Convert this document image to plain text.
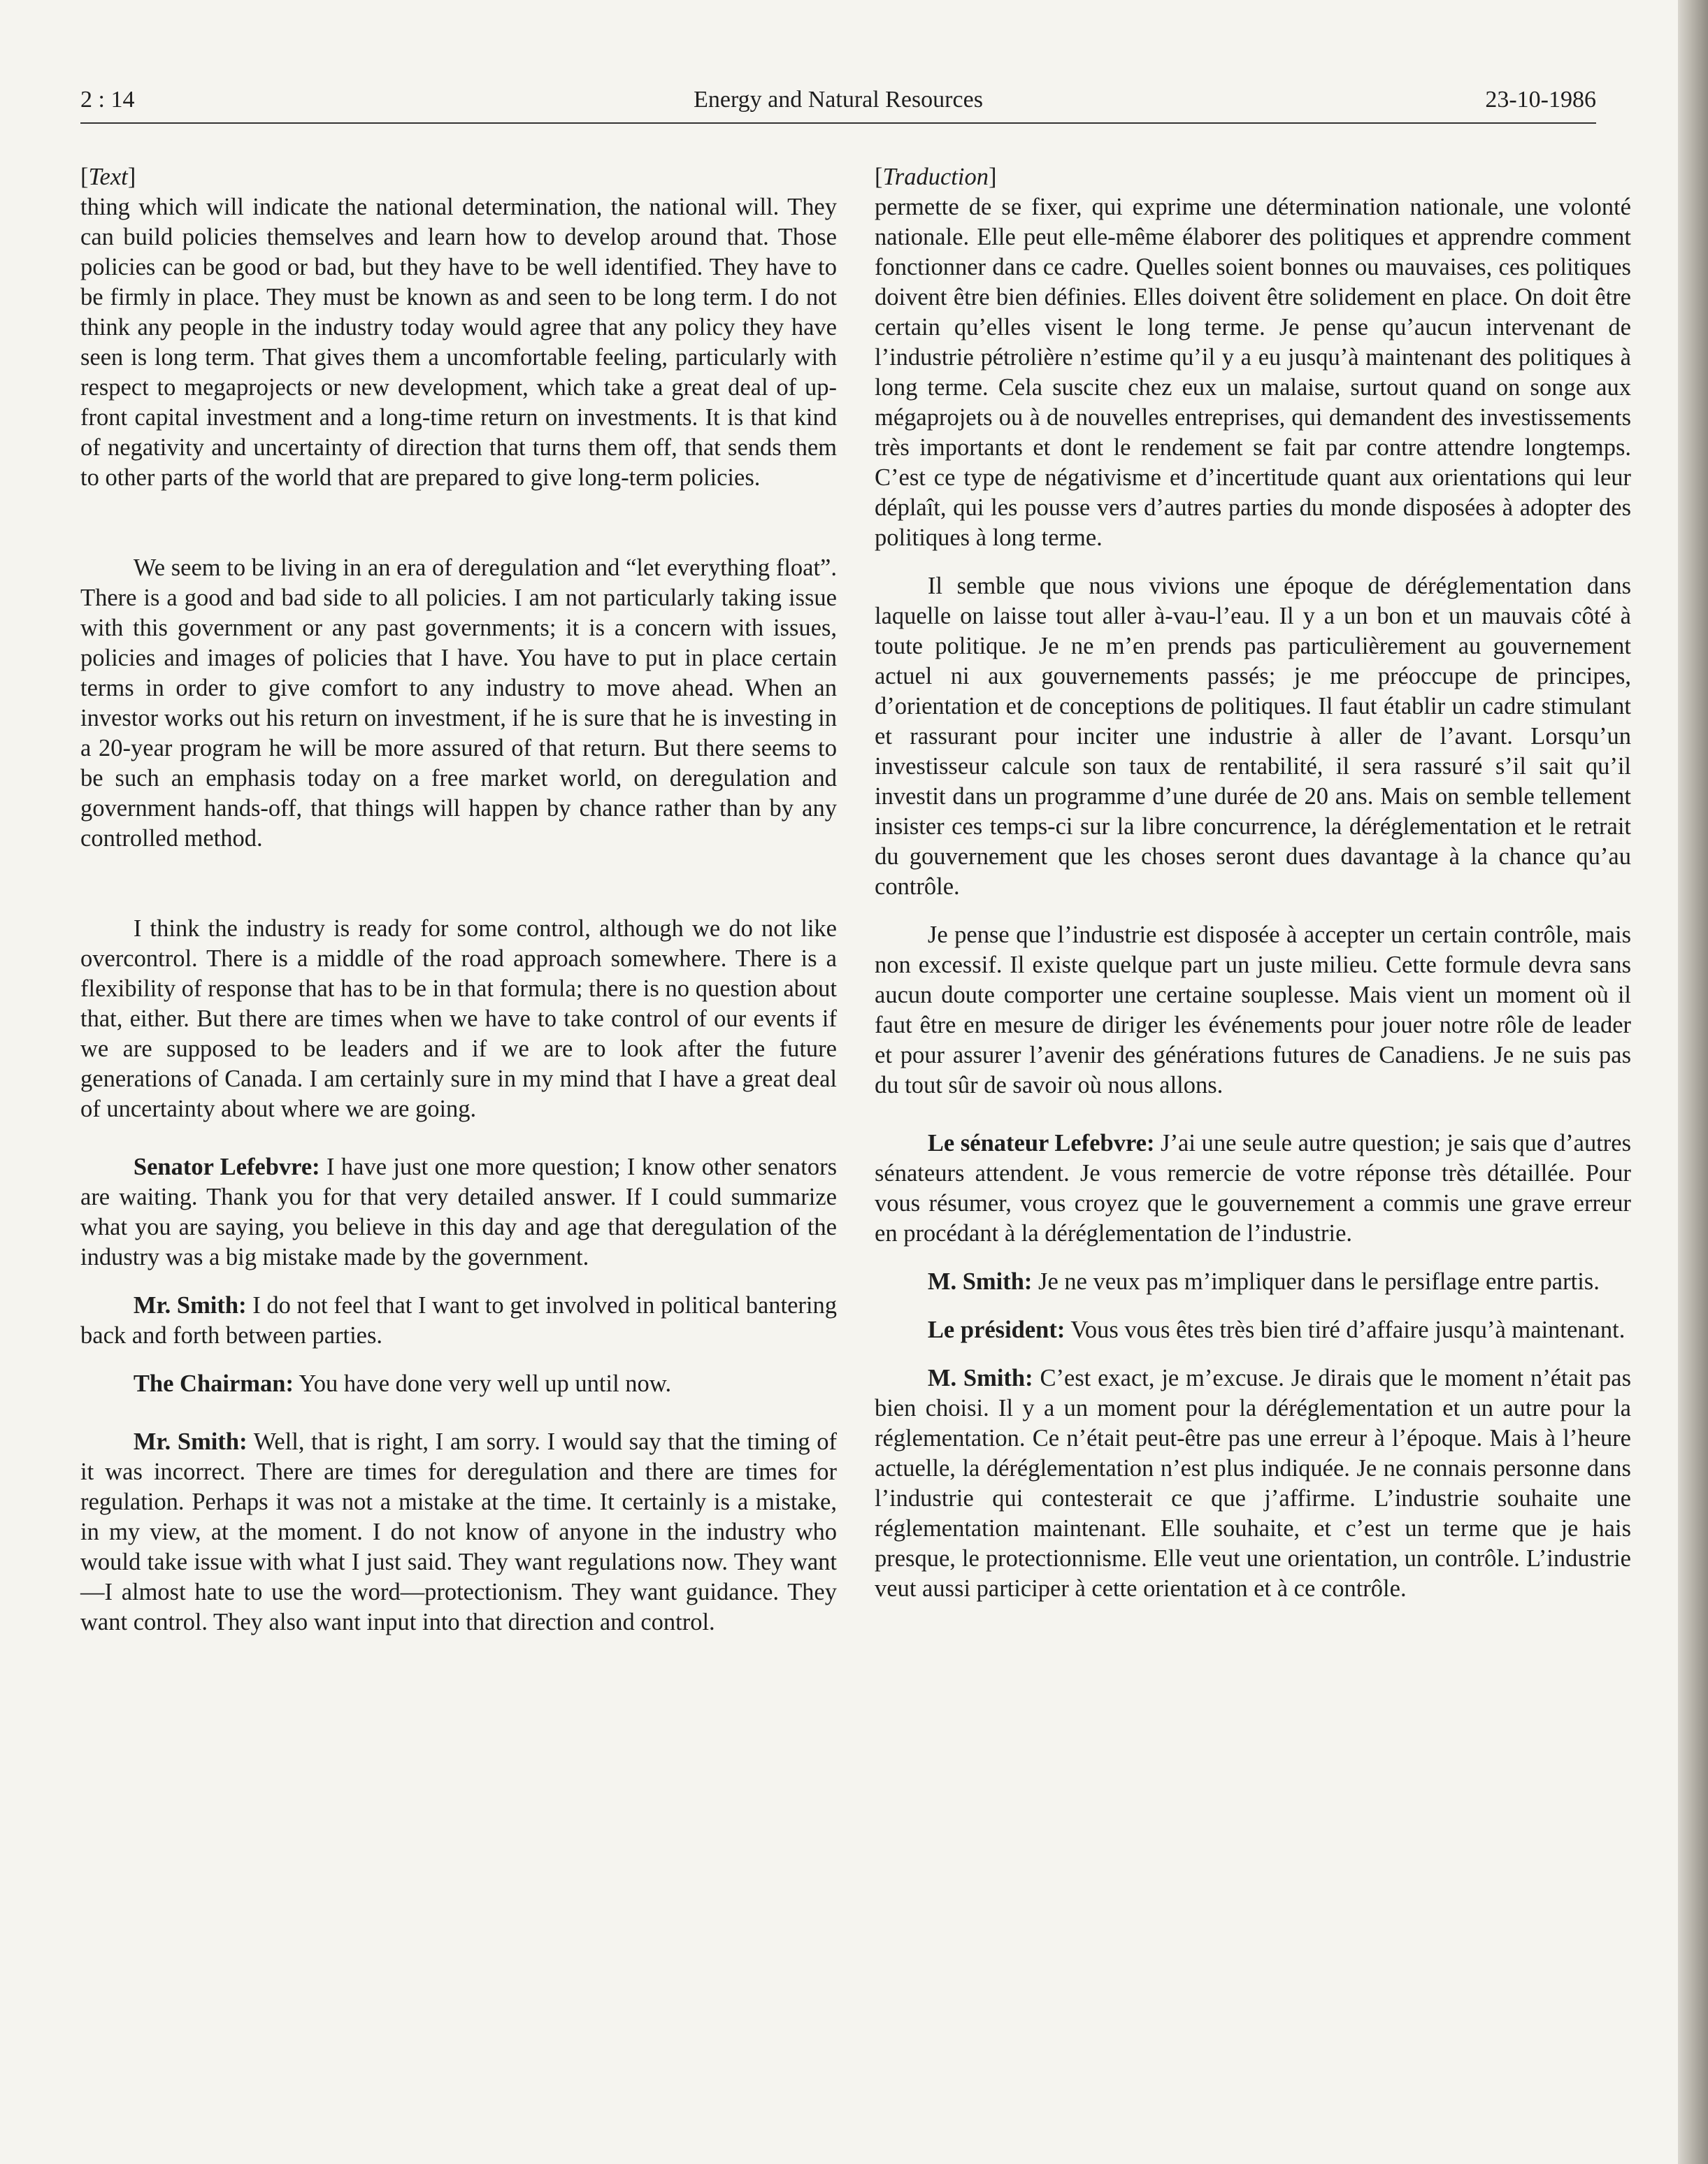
2 : 14	Energy and Natural Resources	23-10-1986

[Text]

thing which will indicate the national determination, the national will. They can build policies themselves and learn how to develop around that. Those policies can be good or bad, but they have to be well identified. They have to be firmly in place. They must be known as and seen to be long term. I do not think any people in the industry today would agree that any policy they have seen is long term. That gives them a uncomfortable feeling, particularly with respect to megaprojects or new development, which take a great deal of up-front capital investment and a long-time return on investments. It is that kind of negativity and uncertainty of direction that turns them off, that sends them to other parts of the world that are prepared to give long-term policies.

We seem to be living in an era of deregulation and “let everything float”. There is a good and bad side to all policies. I am not particularly taking issue with this government or any past governments; it is a concern with issues, policies and images of policies that I have. You have to put in place certain terms in order to give comfort to any industry to move ahead. When an investor works out his return on investment, if he is sure that he is investing in a 20-year program he will be more assured of that return. But there seems to be such an emphasis today on a free market world, on deregulation and government hands-off, that things will happen by chance rather than by any controlled method.

I think the industry is ready for some control, although we do not like overcontrol. There is a middle of the road approach somewhere. There is a flexibility of response that has to be in that formula; there is no question about that, either. But there are times when we have to take control of our events if we are supposed to be leaders and if we are to look after the future generations of Canada. I am certainly sure in my mind that I have a great deal of uncertainty about where we are going.

Senator Lefebvre: I have just one more question; I know other senators are waiting. Thank you for that very detailed answer. If I could summarize what you are saying, you believe in this day and age that deregulation of the industry was a big mistake made by the government.

Mr. Smith: I do not feel that I want to get involved in political bantering back and forth between parties.

The Chairman: You have done very well up until now.

Mr. Smith: Well, that is right, I am sorry. I would say that the timing of it was incorrect. There are times for deregulation and there are times for regulation. Perhaps it was not a mistake at the time. It certainly is a mistake, in my view, at the moment. I do not know of anyone in the industry who would take issue with what I just said. They want regulations now. They want—I almost hate to use the word—protectionism. They want guidance. They want control. They also want input into that direction and control.

[Traduction]

permette de se fixer, qui exprime une détermination nationale, une volonté nationale. Elle peut elle-même élaborer des politiques et apprendre comment fonctionner dans ce cadre. Quelles soient bonnes ou mauvaises, ces politiques doivent être bien définies. Elles doivent être solidement en place. On doit être certain qu’elles visent le long terme. Je pense qu’aucun intervenant de l’industrie pétrolière n’estime qu’il y a eu jusqu’à maintenant des politiques à long terme. Cela suscite chez eux un malaise, surtout quand on songe aux mégaprojets ou à de nouvelles entreprises, qui demandent des investissements très importants et dont le rendement se fait par contre attendre longtemps. C’est ce type de négativisme et d’incertitude quant aux orientations qui leur déplaît, qui les pousse vers d’autres parties du monde disposées à adopter des politiques à long terme.

Il semble que nous vivions une époque de déréglementation dans laquelle on laisse tout aller à-vau-l’eau. Il y a un bon et un mauvais côté à toute politique. Je ne m’en prends pas particulièrement au gouvernement actuel ni aux gouvernements passés; je me préoccupe de principes, d’orientation et de conceptions de politiques. Il faut établir un cadre stimulant et rassurant pour inciter une industrie à aller de l’avant. Lorsqu’un investisseur calcule son taux de rentabilité, il sera rassuré s’il sait qu’il investit dans un programme d’une durée de 20 ans. Mais on semble tellement insister ces temps-ci sur la libre concurrence, la déréglementation et le retrait du gouvernement que les choses seront dues davantage à la chance qu’au contrôle.

Je pense que l’industrie est disposée à accepter un certain contrôle, mais non excessif. Il existe quelque part un juste milieu. Cette formule devra sans aucun doute comporter une certaine souplesse. Mais vient un moment où il faut être en mesure de diriger les événements pour jouer notre rôle de leader et pour assurer l’avenir des générations futures de Canadiens. Je ne suis pas du tout sûr de savoir où nous allons.

Le sénateur Lefebvre: J’ai une seule autre question; je sais que d’autres sénateurs attendent. Je vous remercie de votre réponse très détaillée. Pour vous résumer, vous croyez que le gouvernement a commis une grave erreur en procédant à la déréglementation de l’industrie.

M. Smith: Je ne veux pas m’impliquer dans le persiflage entre partis.

Le président: Vous vous êtes très bien tiré d’affaire jusqu’à maintenant.

M. Smith: C’est exact, je m’excuse. Je dirais que le moment n’était pas bien choisi. Il y a un moment pour la déréglementation et un autre pour la réglementation. Ce n’était peut-être pas une erreur à l’époque. Mais à l’heure actuelle, la déréglementation n’est plus indiquée. Je ne connais personne dans l’industrie qui contesterait ce que j’affirme. L’industrie souhaite une réglementation maintenant. Elle souhaite, et c’est un terme que je hais presque, le protectionnisme. Elle veut une orientation, un contrôle. L’industrie veut aussi participer à cette orientation et à ce contrôle.
